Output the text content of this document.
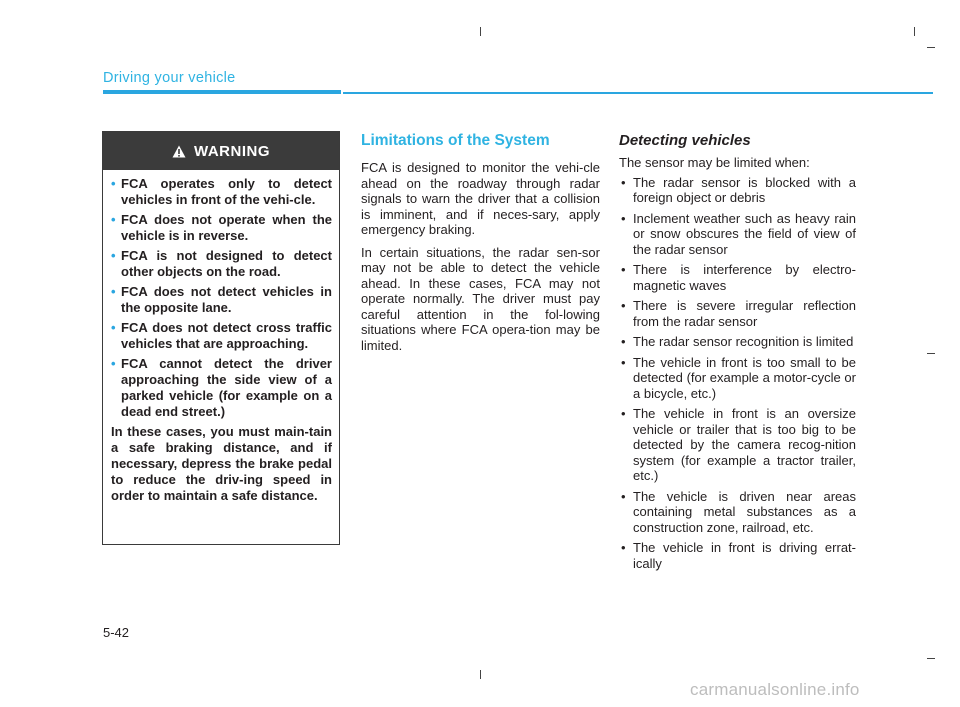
Driving your vehicle
WARNING
• FCA operates only to detect vehicles in front of the vehi-cle.
• FCA does not operate when the vehicle is in reverse.
• FCA is not designed to detect other objects on the road.
• FCA does not detect vehicles in the opposite lane.
• FCA does not detect cross traffic vehicles that are approaching.
• FCA cannot detect the driver approaching the side view of a parked vehicle (for example on a dead end street.)

In these cases, you must main-tain a safe braking distance, and if necessary, depress the brake pedal to reduce the driv-ing speed in order to maintain a safe distance.

Limitations of the System

FCA is designed to monitor the vehi-cle ahead on the roadway through radar signals to warn the driver that a collision is imminent, and if neces-sary, apply emergency braking.

In certain situations, the radar sen-sor may not be able to detect the vehicle ahead. In these cases, FCA may not operate normally. The driver must pay careful attention in the fol-lowing situations where FCA opera-tion may be limited.

Detecting vehicles

The sensor may be limited when:

• The radar sensor is blocked with a foreign object or debris
• Inclement weather such as heavy rain or snow obscures the field of view of the radar sensor
• There is interference by electro-magnetic waves
• There is severe irregular reflection from the radar sensor
• The radar sensor recognition is limited
• The vehicle in front is too small to be detected (for example a motor-cycle or a bicycle, etc.)
• The vehicle in front is an oversize vehicle or trailer that is too big to be detected by the camera recog-nition system (for example a tractor trailer, etc.)
• The vehicle is driven near areas containing metal substances as a construction zone, railroad, etc.
• The vehicle in front is driving errat-ically
5-42
carmanualsonline.info
